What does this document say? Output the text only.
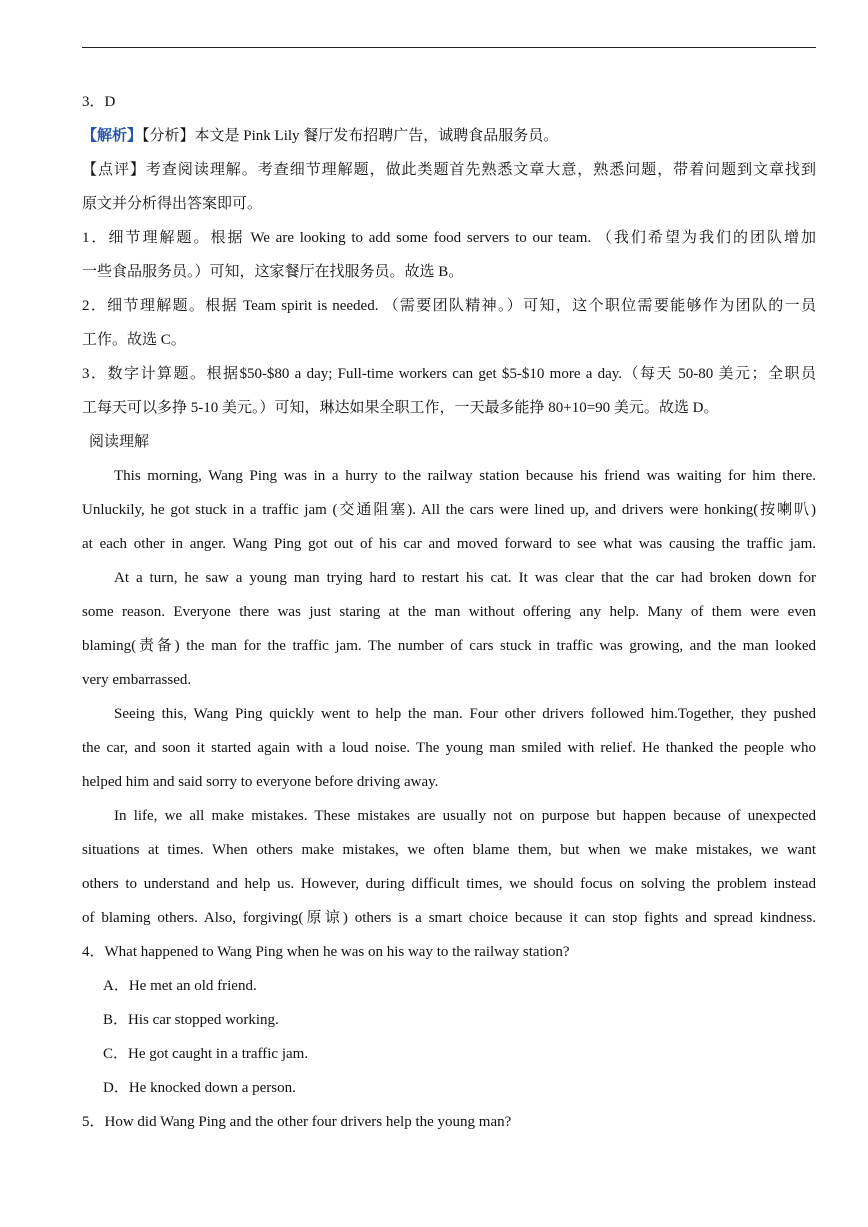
3．D
【解析】【分析】本文是 Pink Lily 餐厅发布招聘广告，诚聘食品服务员。
【点评】考查阅读理解。考查细节理解题，做此类题首先熟悉文章大意，熟悉问题，带着问题到文章找到
原文并分析得出答案即可。
1．细节理解题。根据 We are looking to add some food servers to our team. （我们希望为我们的团队增加
一些食品服务员。）可知，这家餐厅在找服务员。故选 B。
2．细节理解题。根据 Team spirit is needed. （需要团队精神。）可知，这个职位需要能够作为团队的一员
工作。故选 C。
3．数字计算题。根据$50-$80 a day; Full-time workers can get $5-$10 more a day.（每天 50-80 美元；全职员
工每天可以多挣 5-10 美元。）可知，琳达如果全职工作，一天最多能挣 80+10=90 美元。故选 D。
阅读理解
This morning, Wang Ping was in a hurry to the railway station because his friend was waiting for him there.
Unluckily, he got stuck in a traffic jam (交通阻塞). All the cars were lined up, and drivers were honking(按喇叭)
at each other in anger. Wang Ping got out of his car and moved forward to see what was causing the traffic jam.
At a turn, he saw a young man trying hard to restart his cat. It was clear that the car had broken down for
some reason. Everyone there was just staring at the man without offering any help. Many of them were even
blaming(责备) the man for the traffic jam. The number of cars stuck in traffic was growing, and the man looked
very embarrassed.
Seeing this, Wang Ping quickly went to help the man. Four other drivers followed him.Together, they pushed
the car, and soon it started again with a loud noise. The young man smiled with relief. He thanked the people who
helped him and said sorry to everyone before driving away.
In life, we all make mistakes. These mistakes are usually not on purpose but happen because of unexpected
situations at times. When others make mistakes, we often blame them, but when we make mistakes, we want
others to understand and help us. However, during difficult times, we should focus on solving the problem instead
of blaming others. Also, forgiving(原谅) others is a smart choice because it can stop fights and spread kindness.
4．What happened to Wang Ping when he was on his way to the railway station?
A．He met an old friend.
B．His car stopped working.
C．He got caught in a traffic jam.
D．He knocked down a person.
5．How did Wang Ping and the other four drivers help the young man?
